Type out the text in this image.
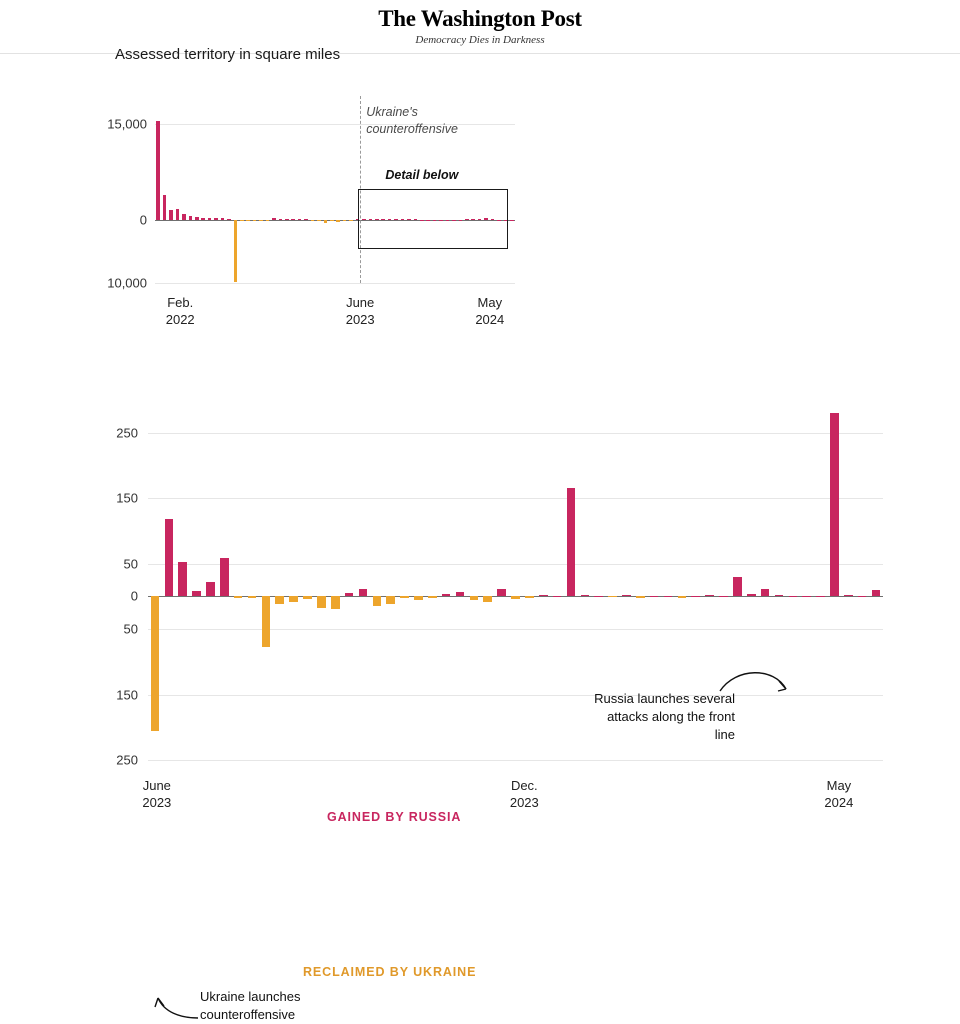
The Washington Post
Democracy Dies in Darkness
Assessed territory in square miles
15,000
0
10,000
Feb.
2022
June
2023
May
2024
Ukraine's counteroffensive
Detail below
250
150
50
0
50
150
250
June
2023
Dec.
2023
May
2024
GAINED BY RUSSIA
RECLAIMED BY UKRAINE
Russia launches several attacks along the front line
Ukraine launches counteroffensive
